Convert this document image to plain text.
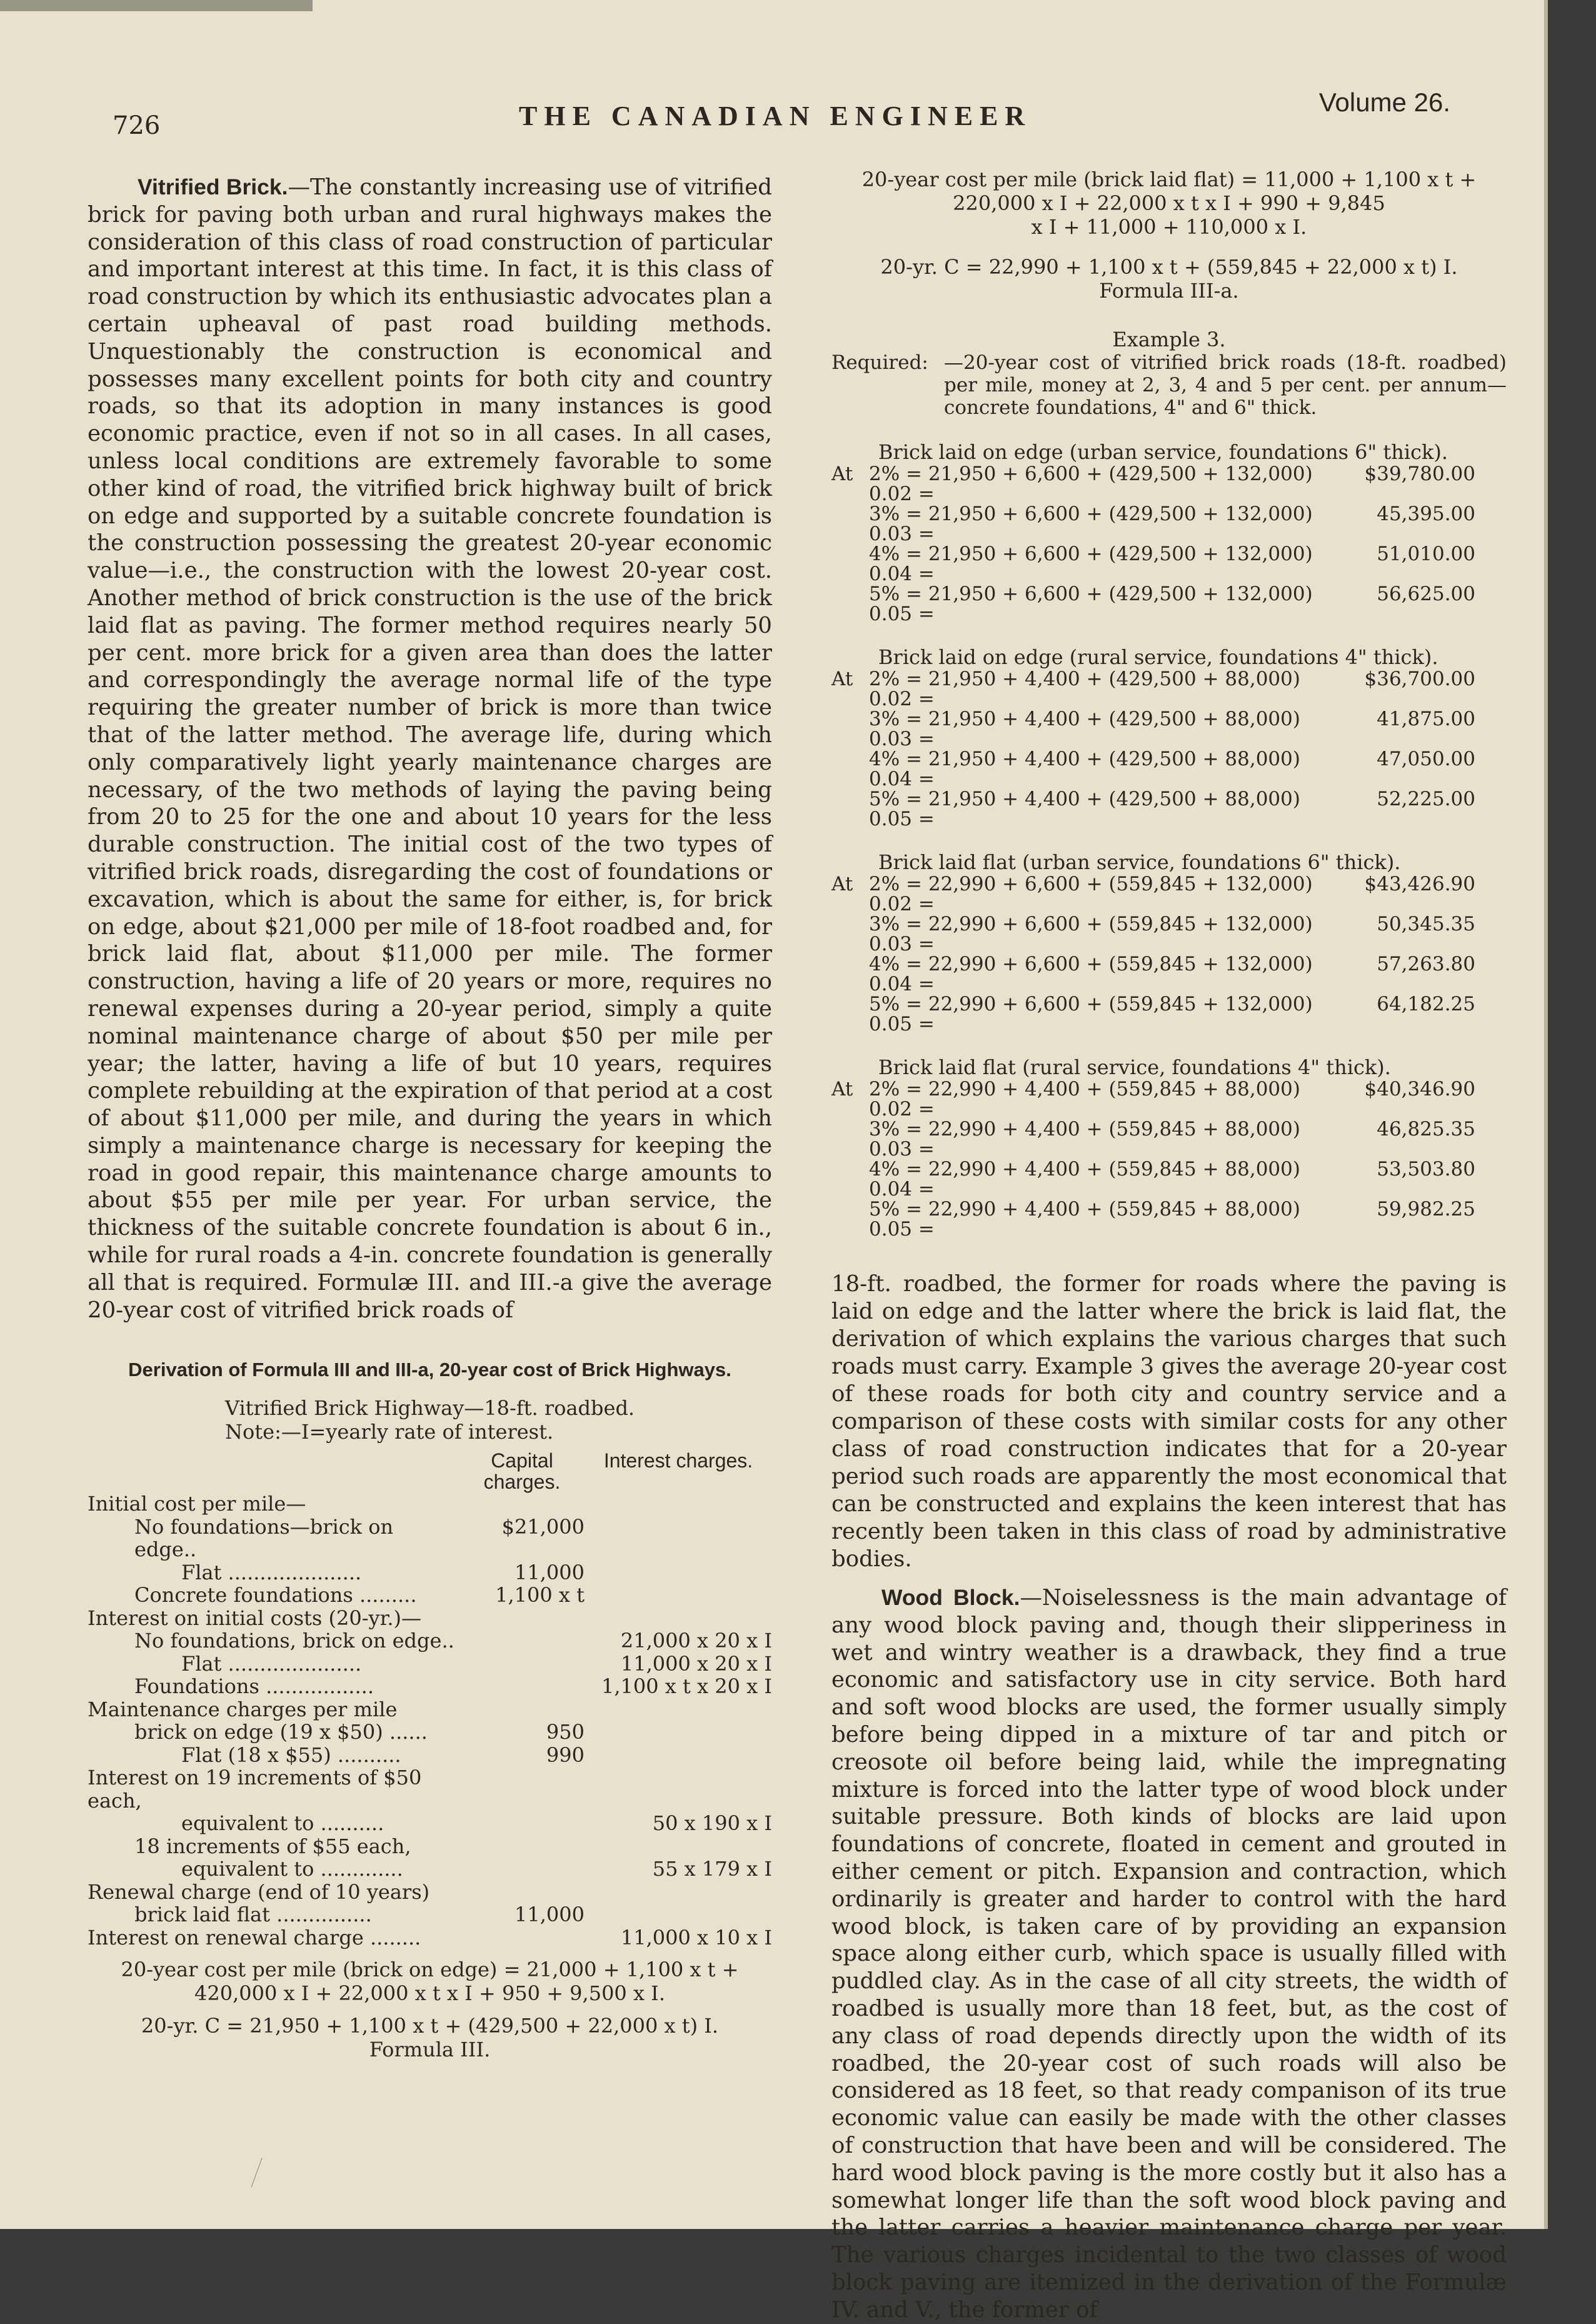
726	THE CANADIAN ENGINEER	Volume 26.

Vitrified Brick.—The constantly increasing use of vitrified brick for paving both urban and rural highways makes the consideration of this class of road construction of particular and important interest at this time. In fact, it is this class of road construction by which its enthusiastic advocates plan a certain upheaval of past road building methods. Unquestionably the construction is economical and possesses many excellent points for both city and country roads, so that its adoption in many instances is good economic practice, even if not so in all cases. In all cases, unless local conditions are extremely favorable to some other kind of road, the vitrified brick highway built of brick on edge and supported by a suitable concrete foundation is the construction possessing the greatest 20-year economic value—i.e., the construction with the lowest 20-year cost. Another method of brick construction is the use of the brick laid flat as paving. The former method requires nearly 50 per cent. more brick for a given area than does the latter and correspondingly the average normal life of the type requiring the greater number of brick is more than twice that of the latter method. The average life, during which only comparatively light yearly maintenance charges are necessary, of the two methods of laying the paving being from 20 to 25 for the one and about 10 years for the less durable construction. The initial cost of the two types of vitrified brick roads, disregarding the cost of foundations or excavation, which is about the same for either, is, for brick on edge, about $21,000 per mile of 18-foot roadbed and, for brick laid flat, about $11,000 per mile. The former construction, having a life of 20 years or more, requires no renewal expenses during a 20-year period, simply a quite nominal maintenance charge of about $50 per mile per year; the latter, having a life of but 10 years, requires complete rebuilding at the expiration of that period at a cost of about $11,000 per mile, and during the years in which simply a maintenance charge is necessary for keeping the road in good repair, this maintenance charge amounts to about $55 per mile per year. For urban service, the thickness of the suitable concrete foundation is about 6 in., while for rural roads a 4-in. concrete foundation is generally all that is required. Formulæ III. and III.-a give the average 20-year cost of vitrified brick roads of

Derivation of Formula III and III-a, 20-year cost of Brick Highways.
Vitrified Brick Highway—18-ft. roadbed.
Note:—I=yearly rate of interest.
	Capital charges.	Interest charges.
Initial cost per mile—		
No foundations—brick on edge..	$21,000	
Flat .....................	11,000	
Concrete foundations .........	1,100 x t	
Interest on initial costs (20-yr.)—		
No foundations, brick on edge..		21,000 x 20 x I
Flat .....................		11,000 x 20 x I
Foundations .................		1,100 x t x 20 x I
Maintenance charges per mile		
brick on edge (19 x $50) ......	950	
Flat (18 x $55) ..........	990	
Interest on 19 increments of $50 each,		
equivalent to ..........		50 x 190 x I
18 increments of $55 each,		
equivalent to .............		55 x 179 x I
Renewal charge (end of 10 years)		
brick laid flat ...............	11,000	
Interest on renewal charge ........		11,000 x 10 x I
20-year cost per mile (brick on edge) = 21,000 + 1,100 x t +
420,000 x I + 22,000 x t x I + 950 + 9,500 x I.
20-yr. C = 21,950 + 1,100 x t + (429,500 + 22,000 x t) I.
Formula III.
20-year cost per mile (brick laid flat) = 11,000 + 1,100 x t +
220,000 x I + 22,000 x t x I + 990 + 9,845
x I + 11,000 + 110,000 x I.
20-yr. C = 22,990 + 1,100 x t + (559,845 + 22,000 x t) I.
Formula III-a.
Example 3.
Required: —20-year cost of vitrified brick roads (18-ft. roadbed) per mile, money at 2, 3, 4 and 5 per cent. per annum—concrete foundations, 4" and 6" thick.
Brick laid on edge (urban service, foundations 6" thick).
At 2% = 21,950 + 6,600 + (429,500 + 132,000) 0.02 =
$39,780.00
3% = 21,950 + 6,600 + (429,500 + 132,000) 0.03 =
45,395.00
4% = 21,950 + 6,600 + (429,500 + 132,000) 0.04 =
51,010.00
5% = 21,950 + 6,600 + (429,500 + 132,000) 0.05 =
56,625.00
Brick laid on edge (rural service, foundations 4" thick).
At 2% = 21,950 + 4,400 + (429,500 + 88,000) 0.02 =
$36,700.00
3% = 21,950 + 4,400 + (429,500 + 88,000) 0.03 =
41,875.00
4% = 21,950 + 4,400 + (429,500 + 88,000) 0.04 =
47,050.00
5% = 21,950 + 4,400 + (429,500 + 88,000) 0.05 =
52,225.00
Brick laid flat (urban service, foundations 6" thick).
At 2% = 22,990 + 6,600 + (559,845 + 132,000) 0.02 =
$43,426.90
3% = 22,990 + 6,600 + (559,845 + 132,000) 0.03 =
50,345.35
4% = 22,990 + 6,600 + (559,845 + 132,000) 0.04 =
57,263.80
5% = 22,990 + 6,600 + (559,845 + 132,000) 0.05 =
64,182.25
Brick laid flat (rural service, foundations 4" thick).
At 2% = 22,990 + 4,400 + (559,845 + 88,000) 0.02 =
$40,346.90
3% = 22,990 + 4,400 + (559,845 + 88,000) 0.03 =
46,825.35
4% = 22,990 + 4,400 + (559,845 + 88,000) 0.04 =
53,503.80
5% = 22,990 + 4,400 + (559,845 + 88,000) 0.05 =
59,982.25

18-ft. roadbed, the former for roads where the paving is laid on edge and the latter where the brick is laid flat, the derivation of which explains the various charges that such roads must carry. Example 3 gives the average 20-year cost of these roads for both city and country service and a comparison of these costs with similar costs for any other class of road construction indicates that for a 20-year period such roads are apparently the most economical that can be constructed and explains the keen interest that has recently been taken in this class of road by administrative bodies.

Wood Block.—Noiselessness is the main advantage of any wood block paving and, though their slipperiness in wet and wintry weather is a drawback, they find a true economic and satisfactory use in city service. Both hard and soft wood blocks are used, the former usually simply before being dipped in a mixture of tar and pitch or creosote oil before being laid, while the impregnating mixture is forced into the latter type of wood block under suitable pressure. Both kinds of blocks are laid upon foundations of concrete, floated in cement and grouted in either cement or pitch. Expansion and contraction, which ordinarily is greater and harder to control with the hard wood block, is taken care of by providing an expansion space along either curb, which space is usually filled with puddled clay. As in the case of all city streets, the width of roadbed is usually more than 18 feet, but, as the cost of any class of road depends directly upon the width of its roadbed, the 20-year cost of such roads will also be considered as 18 feet, so that ready companison of its true economic value can easily be made with the other classes of construction that have been and will be considered. The hard wood block paving is the more costly but it also has a somewhat longer life than the soft wood block paving and the latter carries a heavier maintenance charge per year. The various charges incidental to the two classes of wood block paving are itemized in the derivation of the Formulæ IV. and V., the former of
